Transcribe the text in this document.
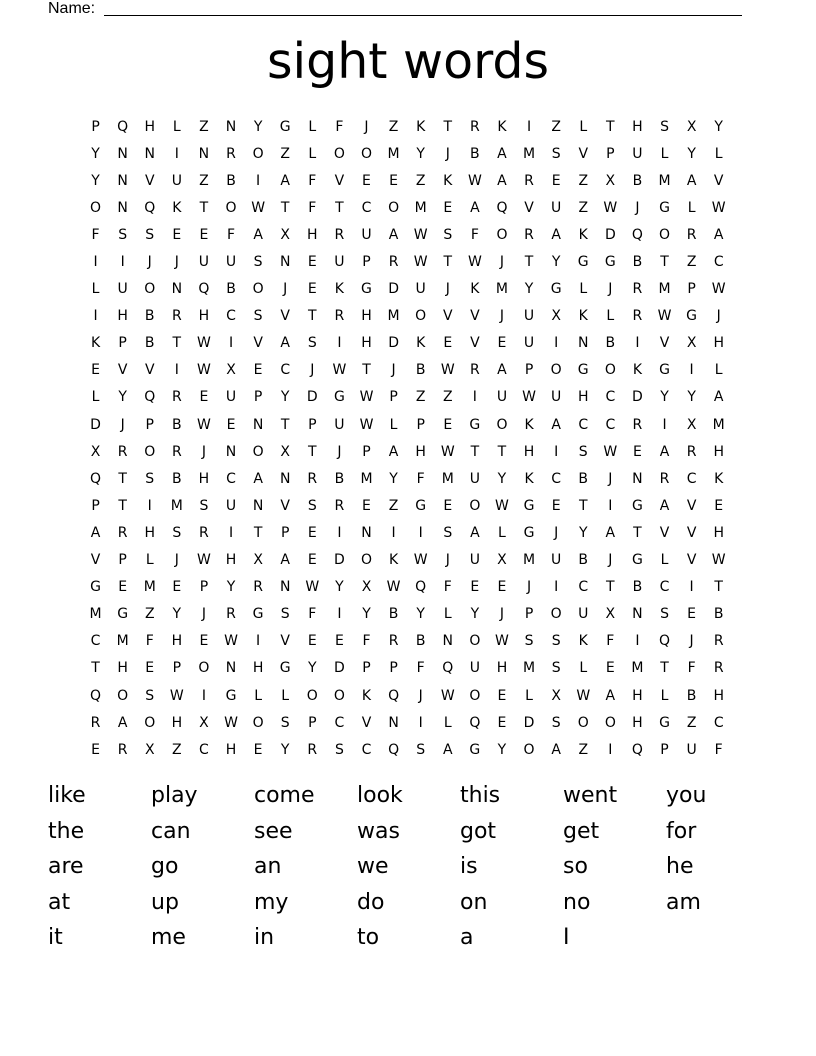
Name:
sight words
P	Q	H	L	Z	N	Y	G	L	F	J	Z	K	T	R	K	I	Z	L	T	H	S	X	Y
Y	N	N	I	N	R	O	Z	L	O	O	M	Y	J	B	A	M	S	V	P	U	L	Y	L
Y	N	V	U	Z	B	I	A	F	V	E	E	Z	K	W	A	R	E	Z	X	B	M	A	V
O	N	Q	K	T	O	W	T	F	T	C	O	M	E	A	Q	V	U	Z	W	J	G	L	W
F	S	S	E	E	F	A	X	H	R	U	A	W	S	F	O	R	A	K	D	Q	O	R	A
I	I	J	J	U	U	S	N	E	U	P	R	W	T	W	J	T	Y	G	G	B	T	Z	C
L	U	O	N	Q	B	O	J	E	K	G	D	U	J	K	M	Y	G	L	J	R	M	P	W
I	H	B	R	H	C	S	V	T	R	H	M	O	V	V	J	U	X	K	L	R	W	G	J
K	P	B	T	W	I	V	A	S	I	H	D	K	E	V	E	U	I	N	B	I	V	X	H
E	V	V	I	W	X	E	C	J	W	T	J	B	W	R	A	P	O	G	O	K	G	I	L
L	Y	Q	R	E	U	P	Y	D	G	W	P	Z	Z	I	U	W	U	H	C	D	Y	Y	A
D	J	P	B	W	E	N	T	P	U	W	L	P	E	G	O	K	A	C	C	R	I	X	M
X	R	O	R	J	N	O	X	T	J	P	A	H	W	T	T	H	I	S	W	E	A	R	H
Q	T	S	B	H	C	A	N	R	B	M	Y	F	M	U	Y	K	C	B	J	N	R	C	K
P	T	I	M	S	U	N	V	S	R	E	Z	G	E	O	W	G	E	T	I	G	A	V	E
A	R	H	S	R	I	T	P	E	I	N	I	I	S	A	L	G	J	Y	A	T	V	V	H
V	P	L	J	W	H	X	A	E	D	O	K	W	J	U	X	M	U	B	J	G	L	V	W
G	E	M	E	P	Y	R	N	W	Y	X	W	Q	F	E	E	J	I	C	T	B	C	I	T
M	G	Z	Y	J	R	G	S	F	I	Y	B	Y	L	Y	J	P	O	U	X	N	S	E	B
C	M	F	H	E	W	I	V	E	E	F	R	B	N	O	W	S	S	K	F	I	Q	J	R
T	H	E	P	O	N	H	G	Y	D	P	P	F	Q	U	H	M	S	L	E	M	T	F	R
Q	O	S	W	I	G	L	L	O	O	K	Q	J	W	O	E	L	X	W	A	H	L	B	H
R	A	O	H	X	W	O	S	P	C	V	N	I	L	Q	E	D	S	O	O	H	G	Z	C
E	R	X	Z	C	H	E	Y	R	S	C	Q	S	A	G	Y	O	A	Z	I	Q	P	U	F
like	play	come	look	this	went	you
the	can	see	was	got	get	for
are	go	an	we	is	so	he
at	up	my	do	on	no	am
it	me	in	to	a	I
